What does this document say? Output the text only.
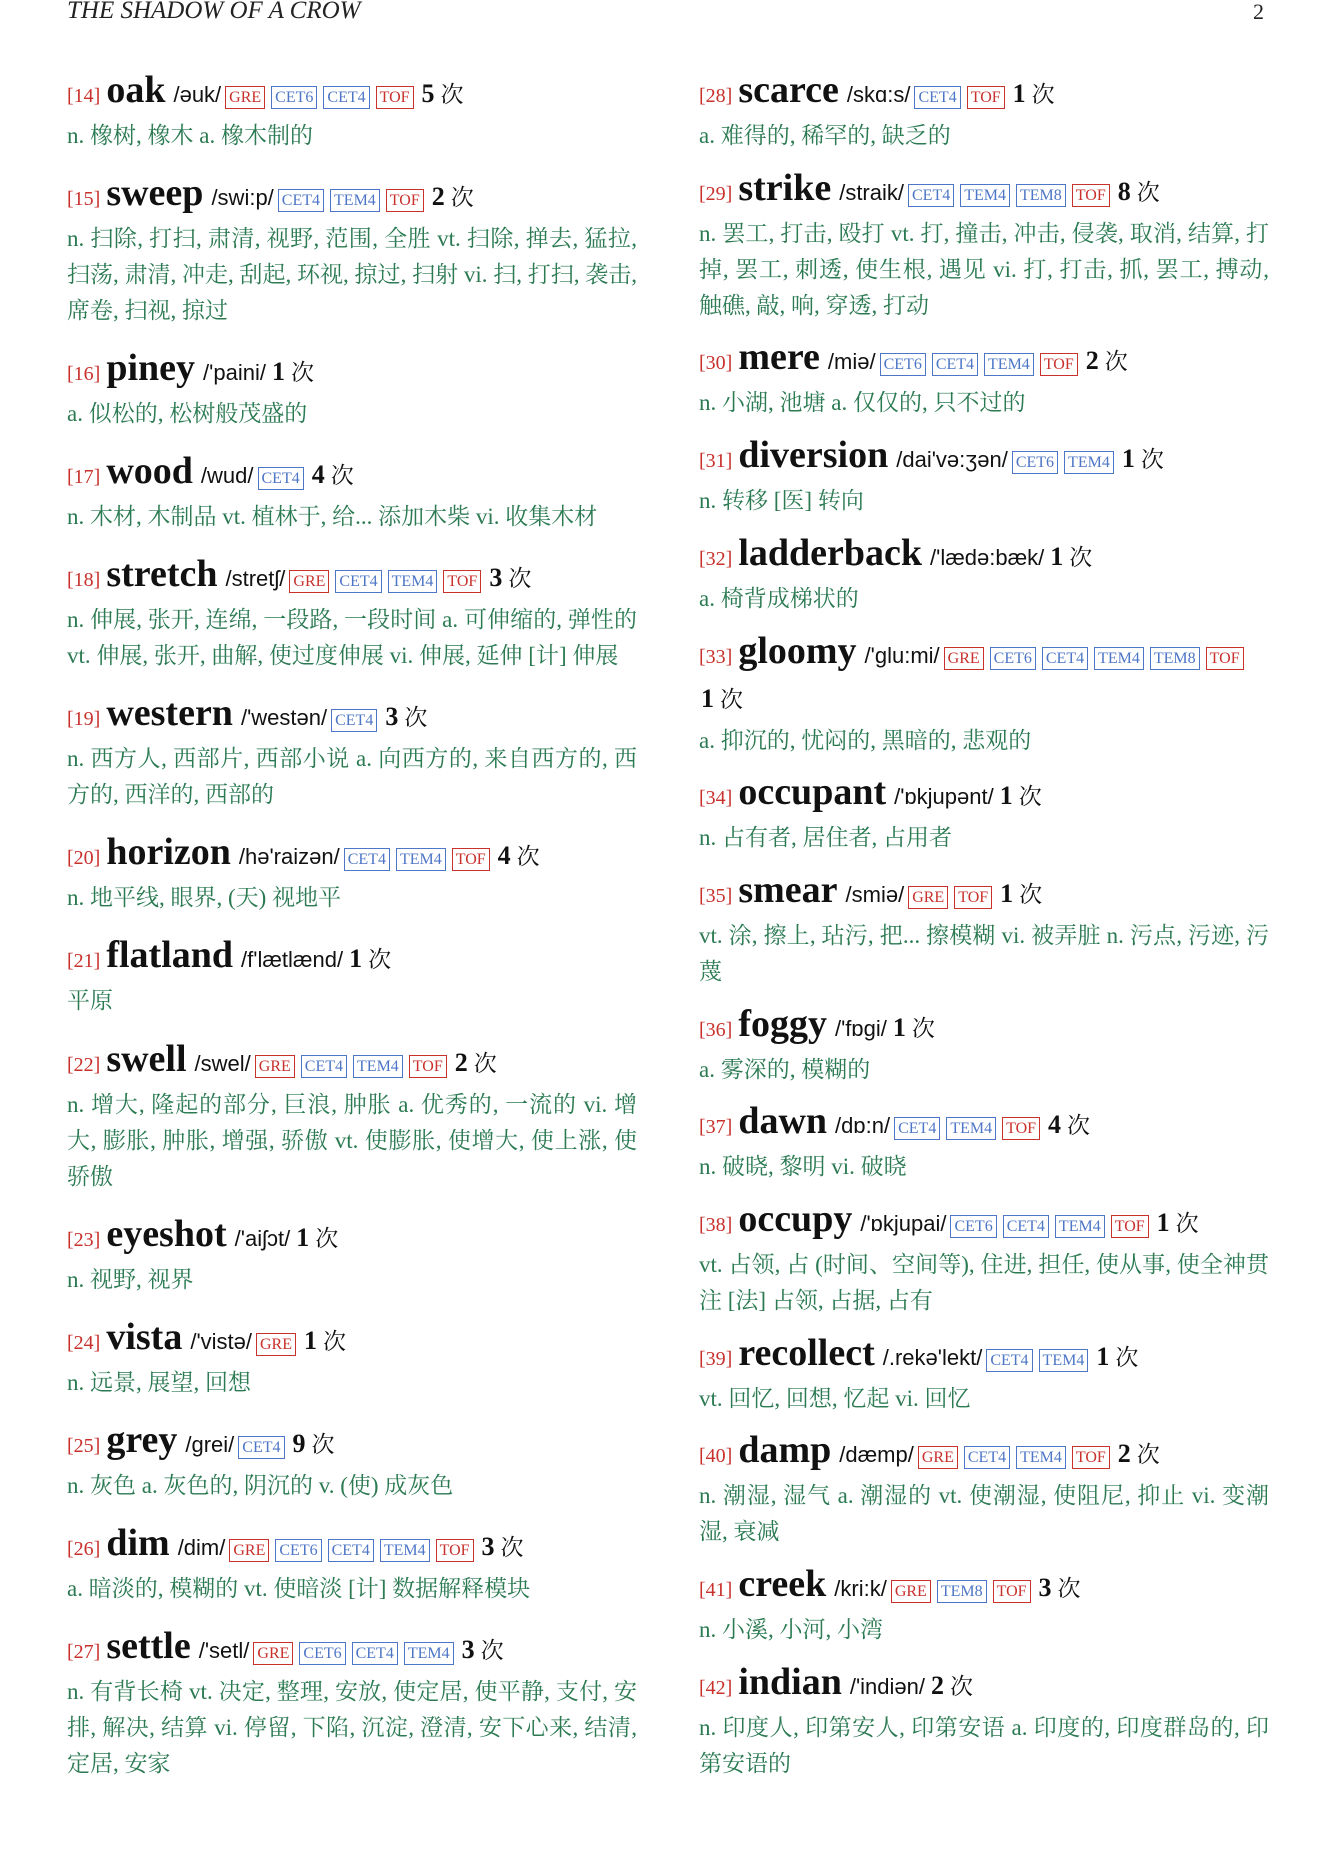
THE SHADOW OF A CROW	2
[14] oak /əuk/ GRE CET6 CET4 TOF 5 次
n. 橡树, 橡木 a. 橡木制的
[15] sweep /swi:p/ CET4 TEM4 TOF 2 次
n. 扫除, 打扫, 肃清, 视野, 范围, 全胜 vt. 扫除, 掸去, 猛拉, 扫荡, 肃清, 冲走, 刮起, 环视, 掠过, 扫射 vi. 扫, 打扫, 袭击, 席卷, 扫视, 掠过
[16] piney /'paini/ 1 次
a. 似松的, 松树般茂盛的
[17] wood /wud/ CET4 4 次
n. 木材, 木制品 vt. 植林于, 给... 添加木柴 vi. 收集木材
[18] stretch /stretʃ/ GRE CET4 TEM4 TOF 3 次
n. 伸展, 张开, 连绵, 一段路, 一段时间 a. 可伸缩的, 弹性的 vt. 伸展, 张开, 曲解, 使过度伸展 vi. 伸展, 延伸 [计] 伸展
[19] western /'westən/ CET4 3 次
n. 西方人, 西部片, 西部小说 a. 向西方的, 来自西方的, 西方的, 西洋的, 西部的
[20] horizon /hə'raizən/ CET4 TEM4 TOF 4 次
n. 地平线, 眼界, (天) 视地平
[21] flatland /f'lætlænd/ 1 次
平原
[22] swell /swel/ GRE CET4 TEM4 TOF 2 次
n. 增大, 隆起的部分, 巨浪, 肿胀 a. 优秀的, 一流的 vi. 增大, 膨胀, 肿胀, 增强, 骄傲 vt. 使膨胀, 使增大, 使上涨, 使骄傲
[23] eyeshot /'aiʃɔt/ 1 次
n. 视野, 视界
[24] vista /'vistə/ GRE 1 次
n. 远景, 展望, 回想
[25] grey /grei/ CET4 9 次
n. 灰色 a. 灰色的, 阴沉的 v. (使) 成灰色
[26] dim /dim/ GRE CET6 CET4 TEM4 TOF 3 次
a. 暗淡的, 模糊的 vt. 使暗淡 [计] 数据解释模块
[27] settle /'setl/ GRE CET6 CET4 TEM4 3 次
n. 有背长椅 vt. 决定, 整理, 安放, 使定居, 使平静, 支付, 安排, 解决, 结算 vi. 停留, 下陷, 沉淀, 澄清, 安下心来, 结清, 定居, 安家
[28] scarce /skɑ:s/ CET4 TOF 1 次
a. 难得的, 稀罕的, 缺乏的
[29] strike /straik/ CET4 TEM4 TEM8 TOF 8 次
n. 罢工, 打击, 殴打 vt. 打, 撞击, 冲击, 侵袭, 取消, 结算, 打掉, 罢工, 刺透, 使生根, 遇见 vi. 打, 打击, 抓, 罢工, 搏动, 触礁, 敲, 响, 穿透, 打动
[30] mere /miə/ CET6 CET4 TEM4 TOF 2 次
n. 小湖, 池塘 a. 仅仅的, 只不过的
[31] diversion /dai'və:ʒən/ CET6 TEM4 1 次
n. 转移 [医] 转向
[32] ladderback /'lædə:bæk/ 1 次
a. 椅背成梯状的
[33] gloomy /'glu:mi/ GRE CET6 CET4 TEM4 TEM8 TOF1 次
a. 抑沉的, 忧闷的, 黑暗的, 悲观的
[34] occupant /'ɒkjupənt/ 1 次
n. 占有者, 居住者, 占用者
[35] smear /smiə/ GRE TOF 1 次
vt. 涂, 擦上, 玷污, 把... 擦模糊 vi. 被弄脏 n. 污点, 污迹, 污蔑
[36] foggy /'fɒgi/ 1 次
a. 雾深的, 模糊的
[37] dawn /dɒ:n/ CET4 TEM4 TOF 4 次
n. 破晓, 黎明 vi. 破晓
[38] occupy /'ɒkjupai/ CET6 CET4 TEM4 TOF 1 次
vt. 占领, 占 (时间、空间等), 住进, 担任, 使从事, 使全神贯注 [法] 占领, 占据, 占有
[39] recollect /.rekə'lekt/ CET4 TEM4 1 次
vt. 回忆, 回想, 忆起 vi. 回忆
[40] damp /dæmp/ GRE CET4 TEM4 TOF 2 次
n. 潮湿, 湿气 a. 潮湿的 vt. 使潮湿, 使阻尼, 抑止 vi. 变潮湿, 衰减
[41] creek /kri:k/ GRE TEM8 TOF 3 次
n. 小溪, 小河, 小湾
[42] indian /'indiən/ 2 次
n. 印度人, 印第安人, 印第安语 a. 印度的, 印度群岛的, 印第安语的
